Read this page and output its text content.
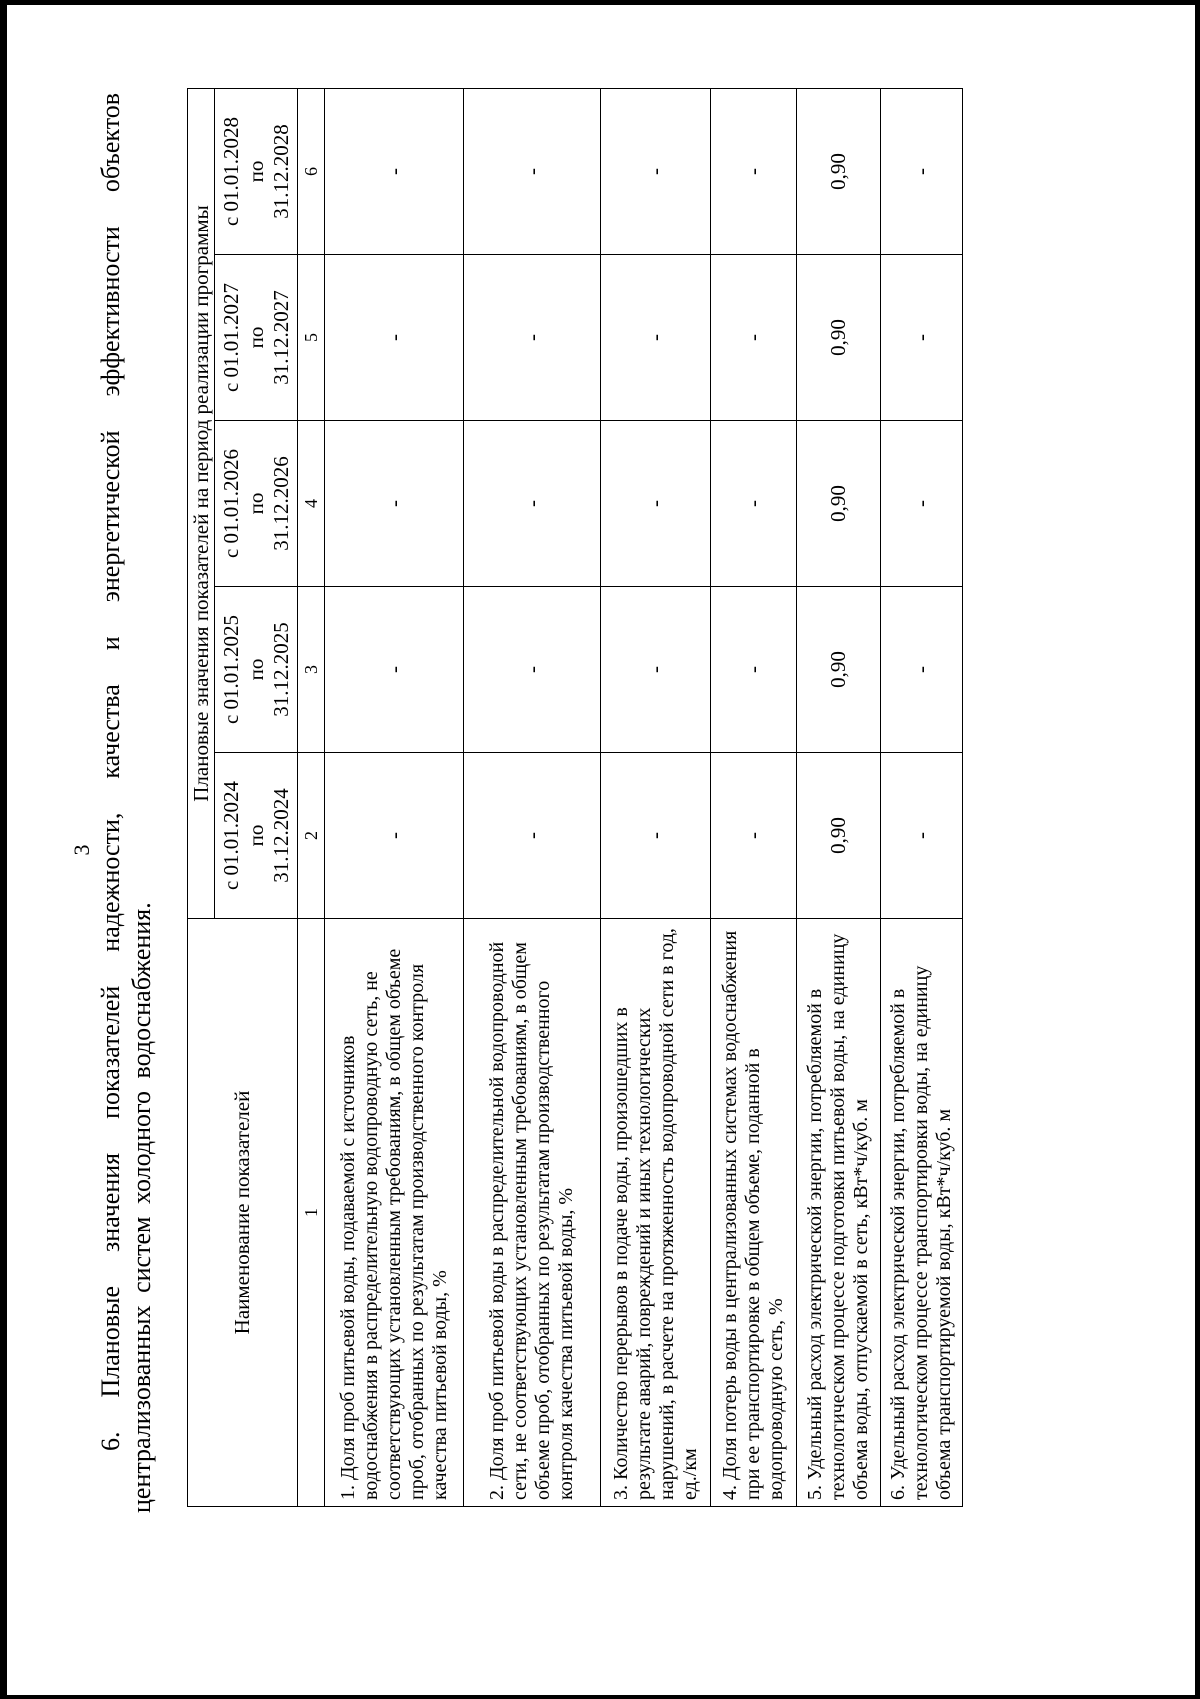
3 6. Плановые значения показателей надежности, качества и энергетической эффективности объектов централизованных систем холодного водоснабжения.	Наименование показателей	Плановые значения показателей на период реализации программы				
	с 01.01.2024
по
31.12.2024	с 01.01.2025
по
31.12.2025	с 01.01.2026
по
31.12.2026	с 01.01.2027
по
31.12.2027	с 01.01.2028
по
31.12.2028
1	2	3	4	5	6
1. Доля проб питьевой воды, подаваемой с источников водоснабжения в распределительную водопроводную сеть, не соответствующих установленным требованиям, в общем объеме проб, отобранных по результатам производственного контроля качества питьевой воды, %	-	-	-	-	-
2. Доля проб питьевой воды в распределительной водопроводной сети, не соответствующих установленным требованиям, в общем объеме проб, отобранных по результатам производственного контроля качества питьевой воды, %	-	-	-	-	-
3. Количество перерывов в подаче воды, произошедших в результате аварий, повреждений и иных технологических нарушений, в расчете на протяженность водопроводной сети в год, ед./км	-	-	-	-	-
4. Доля потерь воды в централизованных системах водоснабжения при ее транспортировке в общем объеме, поданной в водопроводную сеть, %	-	-	-	-	-
5. Удельный расход электрической энергии, потребляемой в технологическом процессе подготовки питьевой воды, на единицу объема воды, отпускаемой в сеть, кВт*ч/куб. м	0,90	0,90	0,90	0,90	0,90
6. Удельный расход электрической энергии, потребляемой в технологическом процессе транспортировки воды, на единицу объема транспортируемой воды, кВт*ч/куб. м	-	-	-	-	-
